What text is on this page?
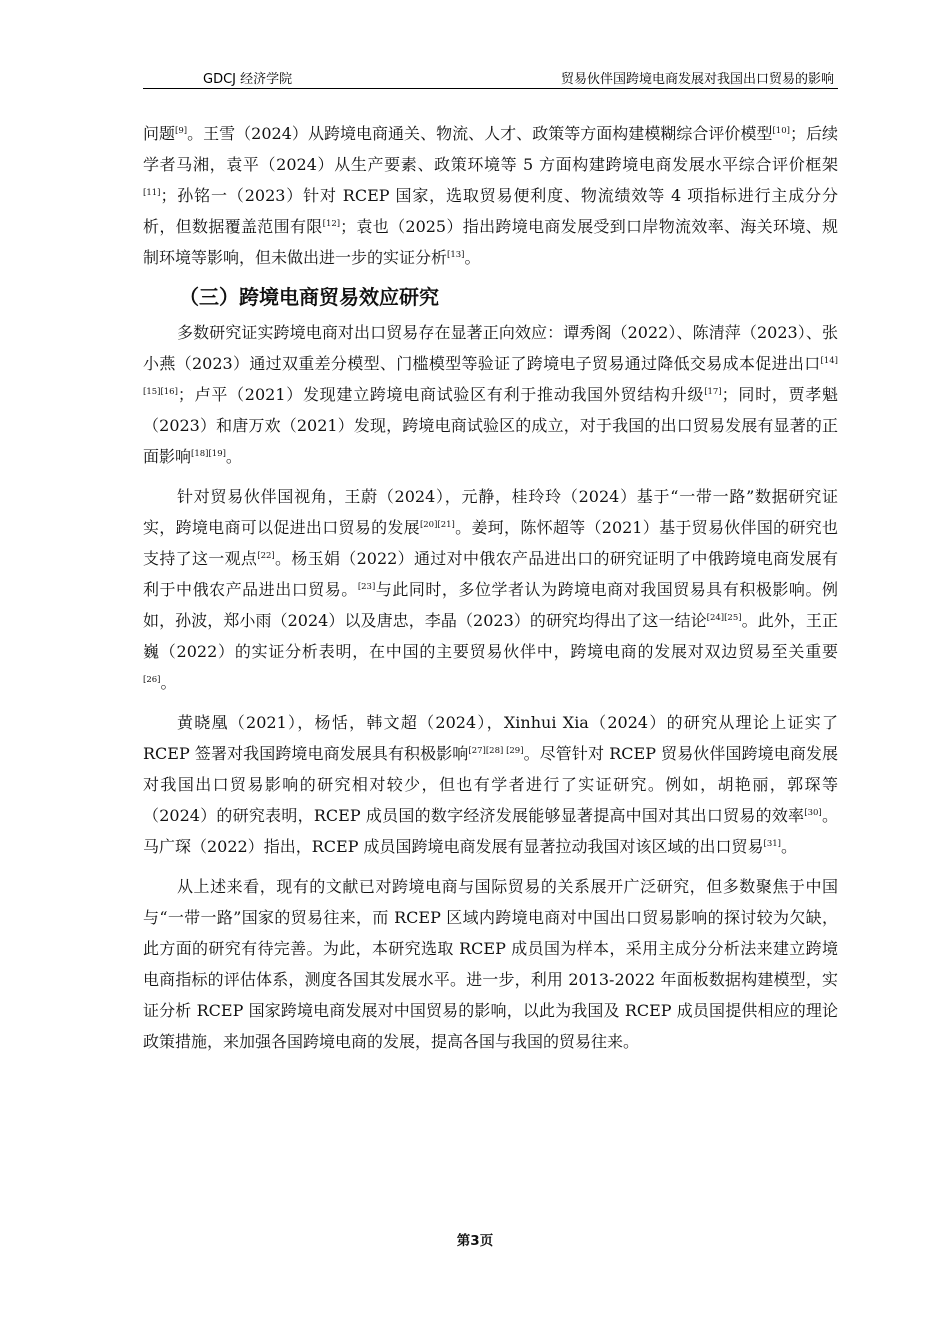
GDCJ 经济学院	贸易伙伴国跨境电商发展对我国出口贸易的影响

问题[9]。王雪（2024）从跨境电商通关、物流、人才、政策等方面构建模糊综合评价模型[10]；后续学者马湘，袁平（2024）从生产要素、政策环境等 5 方面构建跨境电商发展水平综合评价框架[11]；孙铭一（2023）针对 RCEP 国家，选取贸易便利度、物流绩效等 4 项指标进行主成分分析，但数据覆盖范围有限[12]；袁也（2025）指出跨境电商发展受到口岸物流效率、海关环境、规制环境等影响，但未做出进一步的实证分析[13]。

（三）跨境电商贸易效应研究

多数研究证实跨境电商对出口贸易存在显著正向效应：谭秀阁（2022）、陈清萍（2023）、张小燕（2023）通过双重差分模型、门槛模型等验证了跨境电子贸易通过降低交易成本促进出口[14][15][16]；卢平（2021）发现建立跨境电商试验区有利于推动我国外贸结构升级[17]；同时，贾孝魁（2023）和唐万欢（2021）发现，跨境电商试验区的成立，对于我国的出口贸易发展有显著的正面影响[18][19]。

针对贸易伙伴国视角，王蔚（2024），元静，桂玲玲（2024）基于“一带一路”数据研究证实，跨境电商可以促进出口贸易的发展[20][21]。姜珂，陈怀超等（2021）基于贸易伙伴国的研究也支持了这一观点[22]。杨玉娟（2022）通过对中俄农产品进出口的研究证明了中俄跨境电商发展有利于中俄农产品进出口贸易。[23]与此同时，多位学者认为跨境电商对我国贸易具有积极影响。例如，孙波，郑小雨（2024）以及唐忠，李晶（2023）的研究均得出了这一结论[24][25]。此外，王正巍（2022）的实证分析表明，在中国的主要贸易伙伴中，跨境电商的发展对双边贸易至关重要[26]。

黄晓凰（2021），杨恬，韩文超（2024），Xinhui Xia（2024）的研究从理论上证实了 RCEP 签署对我国跨境电商发展具有积极影响[27][28] [29]。尽管针对 RCEP 贸易伙伴国跨境电商发展对我国出口贸易影响的研究相对较少，但也有学者进行了实证研究。例如，胡艳丽，郭琛等（2024）的研究表明，RCEP 成员国的数字经济发展能够显著提高中国对其出口贸易的效率[30]。马广琛（2022）指出，RCEP 成员国跨境电商发展有显著拉动我国对该区域的出口贸易[31]。

从上述来看，现有的文献已对跨境电商与国际贸易的关系展开广泛研究，但多数聚焦于中国与“一带一路”国家的贸易往来，而 RCEP 区域内跨境电商对中国出口贸易影响的探讨较为欠缺，此方面的研究有待完善。为此，本研究选取 RCEP 成员国为样本，采用主成分分析法来建立跨境电商指标的评估体系，测度各国其发展水平。进一步，利用 2013-2022 年面板数据构建模型，实证分析 RCEP 国家跨境电商发展对中国贸易的影响，以此为我国及 RCEP 成员国提供相应的理论政策措施，来加强各国跨境电商的发展，提高各国与我国的贸易往来。

第3页
